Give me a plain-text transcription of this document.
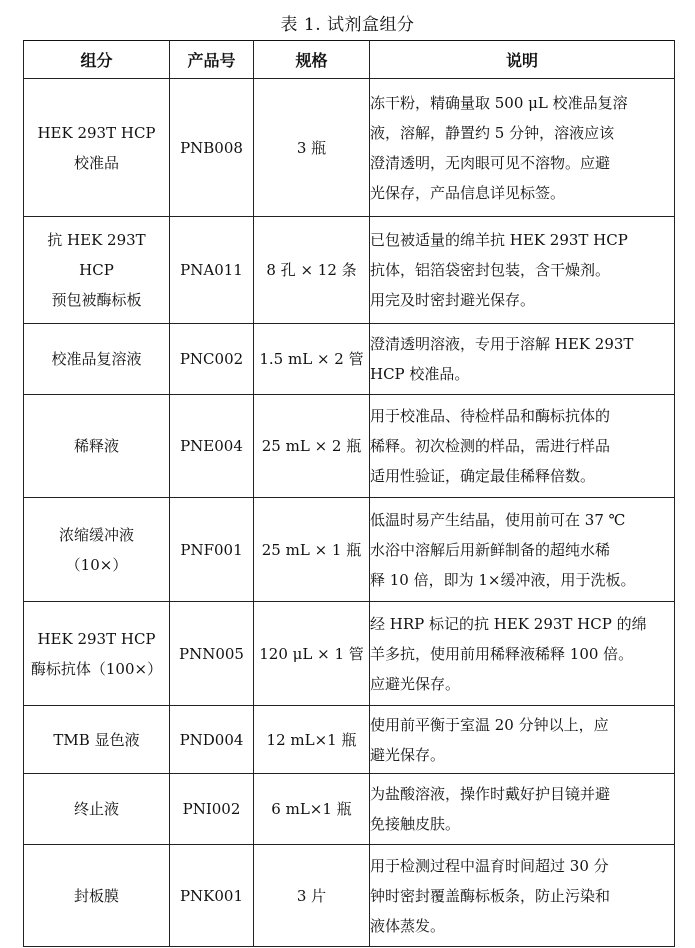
表 1. 试剂盒组分
组分	产品号	规格	说明

HEK 293T HCP
校准品	PNB008	3 瓶	冻干粉，精确量取 500 μL 校准品复溶
液，溶解，静置约 5 分钟，溶液应该
澄清透明，无肉眼可见不溶物。应避
光保存，产品信息详见标签。

抗 HEK 293T
HCP
预包被酶标板	PNA011	8 孔 × 12 条	已包被适量的绵羊抗 HEK 293T HCP
抗体，铝箔袋密封包装，含干燥剂。
用完及时密封避光保存。

校准品复溶液	PNC002	1.5 mL × 2 管	澄清透明溶液，专用于溶解 HEK 293T
HCP 校准品。

稀释液	PNE004	25 mL × 2 瓶	用于校准品、待检样品和酶标抗体的
稀释。初次检测的样品，需进行样品
适用性验证，确定最佳稀释倍数。

浓缩缓冲液
（10×）	PNF001	25 mL × 1 瓶	低温时易产生结晶，使用前可在 37 ℃
水浴中溶解后用新鲜制备的超纯水稀
释 10 倍，即为 1×缓冲液，用于洗板。

HEK 293T HCP
酶标抗体（100×）	PNN005	120 μL × 1 管	经 HRP 标记的抗 HEK 293T HCP 的绵
羊多抗，使用前用稀释液稀释 100 倍。
应避光保存。

TMB 显色液	PND004	12 mL×1 瓶	使用前平衡于室温 20 分钟以上，应
避光保存。

终止液	PNI002	6 mL×1 瓶	为盐酸溶液，操作时戴好护目镜并避
免接触皮肤。

封板膜	PNK001	3 片	用于检测过程中温育时间超过 30 分
钟时密封覆盖酶标板条，防止污染和
液体蒸发。
